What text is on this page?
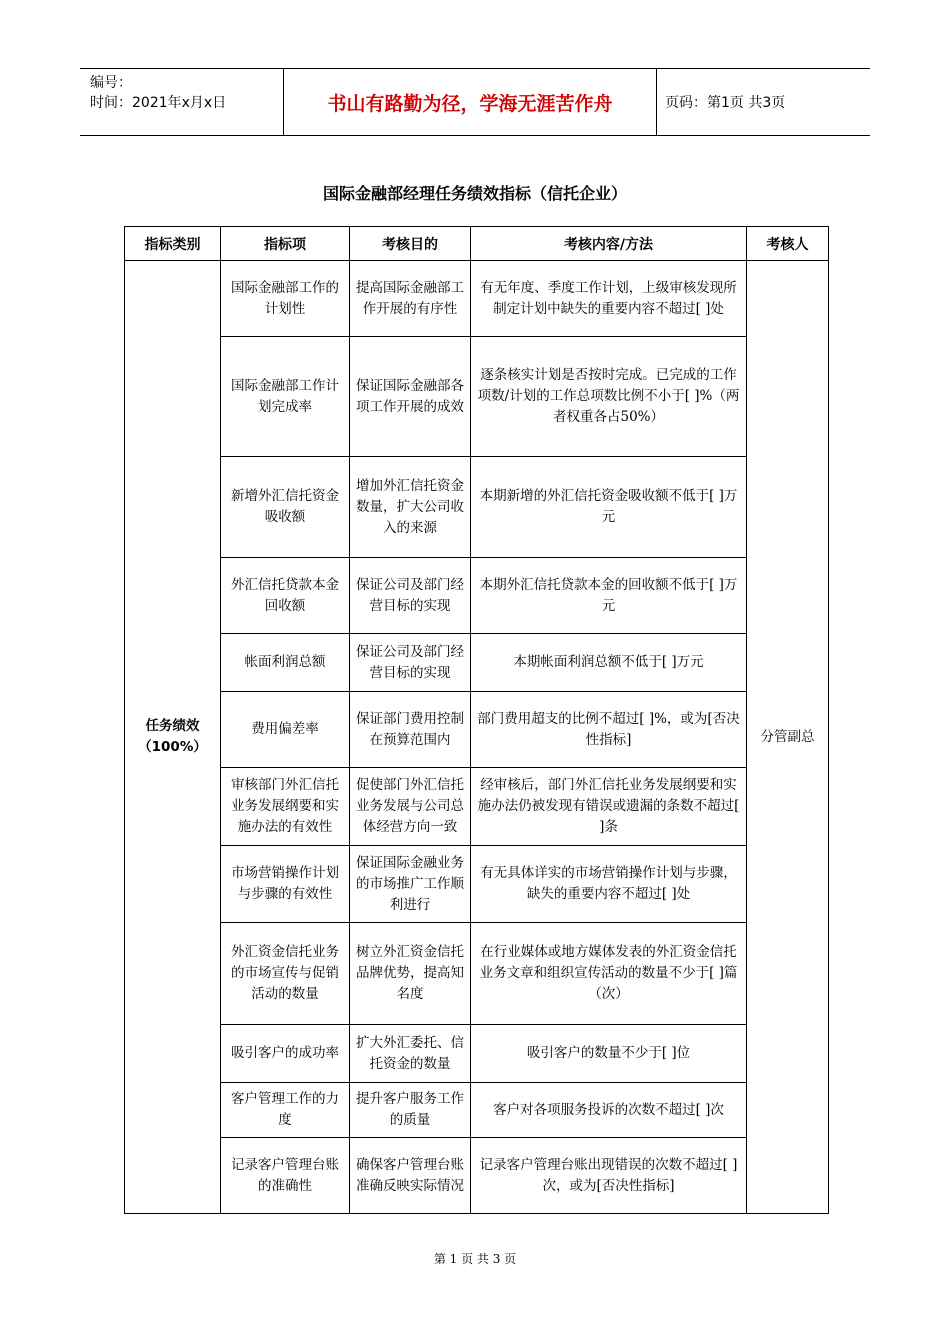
编号：
时间：2021年x月x日	书山有路勤为径，学海无涯苦作舟	页码：第1页 共3页
国际金融部经理任务绩效指标（信托企业）
指标类别	指标项	考核目的	考核内容/方法	考核人

任务绩效
（100%）	国际金融部工作的计划性	提高国际金融部工作开展的有序性	有无年度、季度工作计划，上级审核发现所制定计划中缺失的重要内容不超过[ ]处	分管副总
	国际金融部工作计划完成率	保证国际金融部各项工作开展的成效	逐条核实计划是否按时完成。已完成的工作项数/计划的工作总项数比例不小于[ ]%（两者权重各占50%）	
	新增外汇信托资金吸收额	增加外汇信托资金数量，扩大公司收入的来源	本期新增的外汇信托资金吸收额不低于[ ]万元	
	外汇信托贷款本金回收额	保证公司及部门经营目标的实现	本期外汇信托贷款本金的回收额不低于[ ]万元	
	帐面利润总额	保证公司及部门经营目标的实现	本期帐面利润总额不低于[ ]万元	
	费用偏差率	保证部门费用控制在预算范围内	部门费用超支的比例不超过[ ]%，或为[否决性指标]	
	审核部门外汇信托业务发展纲要和实施办法的有效性	促使部门外汇信托业务发展与公司总体经营方向一致	经审核后，部门外汇信托业务发展纲要和实施办法仍被发现有错误或遗漏的条数不超过[ ]条	
	市场营销操作计划与步骤的有效性	保证国际金融业务的市场推广工作顺利进行	有无具体详实的市场营销操作计划与步骤，缺失的重要内容不超过[ ]处	
	外汇资金信托业务的市场宣传与促销活动的数量	树立外汇资金信托品牌优势，提高知名度	在行业媒体或地方媒体发表的外汇资金信托业务文章和组织宣传活动的数量不少于[ ]篇（次）	
	吸引客户的成功率	扩大外汇委托、信托资金的数量	吸引客户的数量不少于[ ]位	
	客户管理工作的力度	提升客户服务工作的质量	客户对各项服务投诉的次数不超过[ ]次	
	记录客户管理台账的准确性	确保客户管理台账准确反映实际情况	记录客户管理台账出现错误的次数不超过[ ]次，或为[否决性指标]	
第 1 页 共 3 页
